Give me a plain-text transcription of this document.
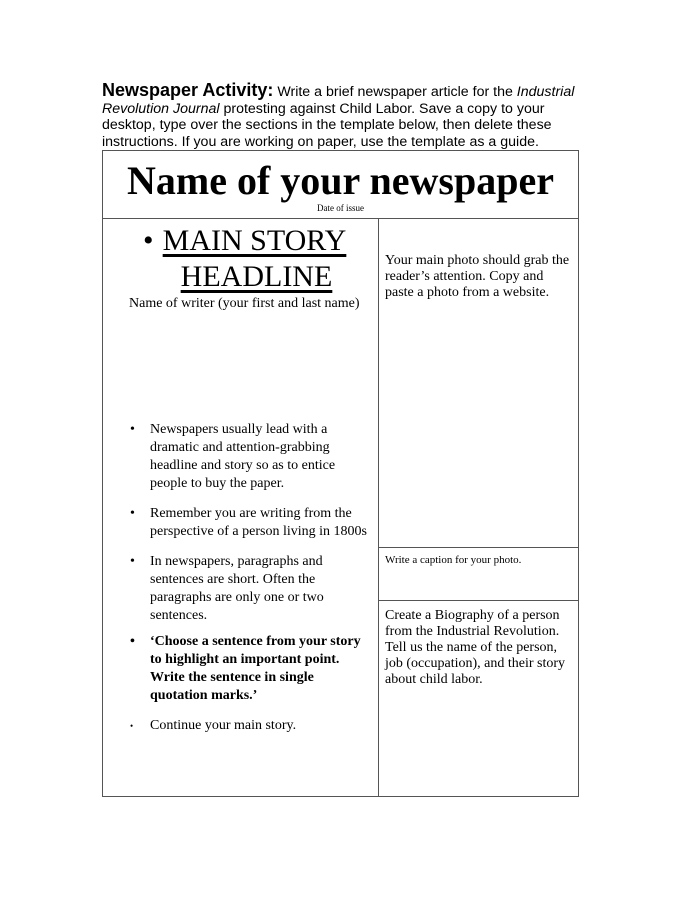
Newspaper Activity: Write a brief newspaper article for the Industrial Revolution Journal protesting against Child Labor. Save a copy to your desktop, type over the sections in the template below, then delete these instructions. If you are working on paper, use the template as a guide.
Name of your newspaper
Date of issue
• MAIN STORY
HEADLINE
Name of writer (your first and last name)
• Newspapers usually lead with a dramatic and attention-grabbing headline and story so as to entice people to buy the paper.
• Remember you are writing from the perspective of a person living in 1800s
• In newspapers, paragraphs and sentences are short. Often the paragraphs are only one or two sentences.
• ‘Choose a sentence from your story to highlight an important point. Write the sentence in single quotation marks.’
• Continue your main story.
Your main photo should grab the reader’s attention. Copy and paste a photo from a website.
Write a caption for your photo.
Create a Biography of a person from the Industrial Revolution. Tell us the name of the person, job (occupation), and their story about child labor.
